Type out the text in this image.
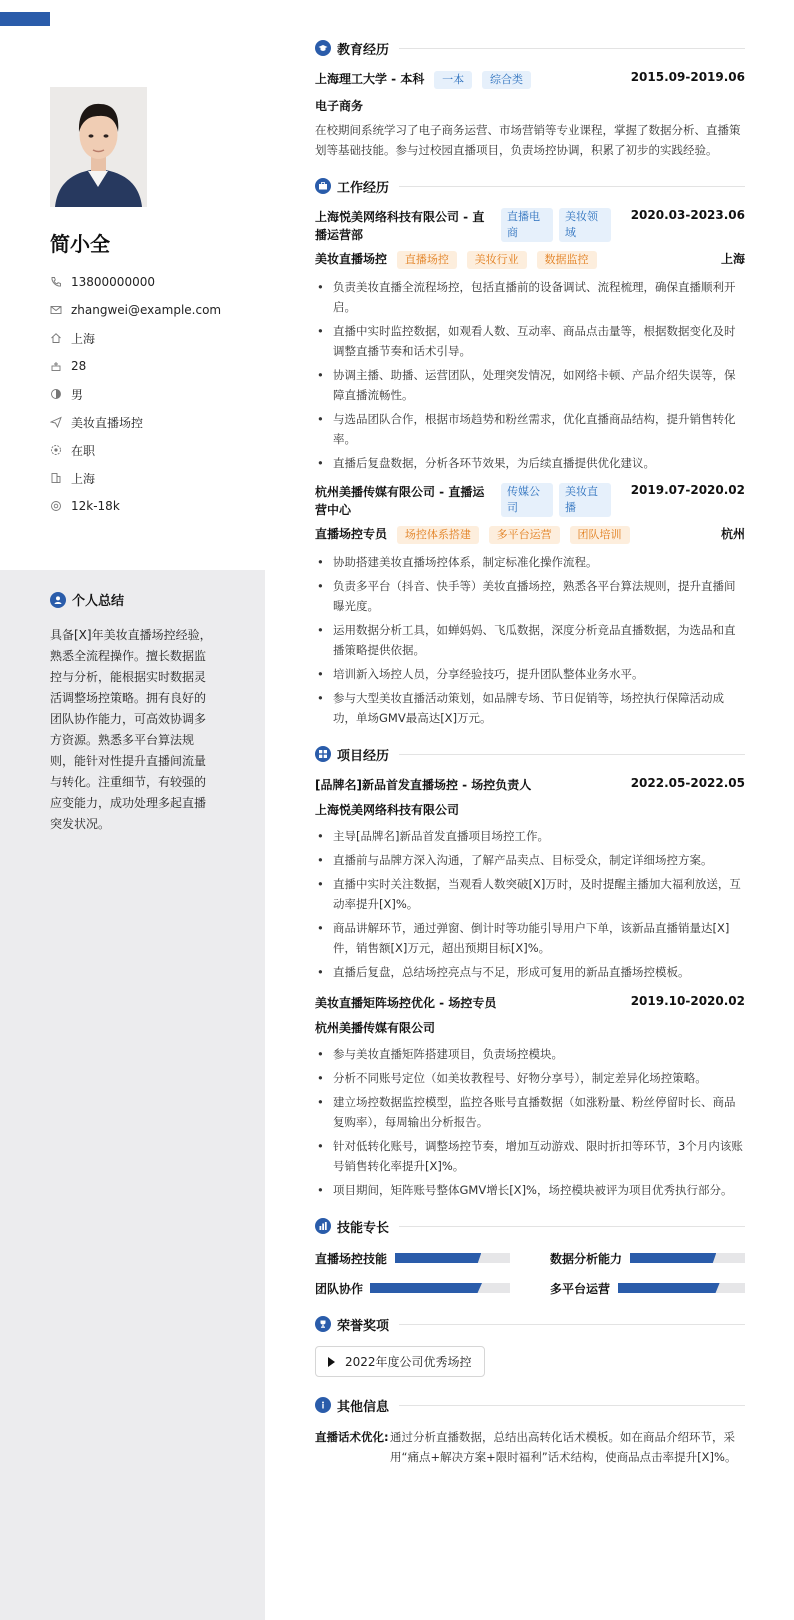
简小全
13800000000
zhangwei@example.com
上海
28
男
美妆直播场控
在职
上海
12k-18k
个人总结
具备[X]年美妆直播场控经验，熟悉全流程操作。擅长数据监控与分析，能根据实时数据灵活调整场控策略。拥有良好的团队协作能力，可高效协调多方资源。熟悉多平台算法规则，能针对性提升直播间流量与转化。注重细节，有较强的应变能力，成功处理多起直播突发状况。
教育经历
上海理工大学 - 本科 一本 综合类	2015.09-2019.06
电子商务
在校期间系统学习了电子商务运营、市场营销等专业课程，掌握了数据分析、直播策划等基础技能。参与过校园直播项目，负责场控协调，积累了初步的实践经验。
工作经历
上海悦美网络科技有限公司 - 直播运营部
直播电商
美妆领域
2020.03-2023.06
美妆直播场控 直播场控 美妆行业 数据监控	上海
• 负责美妆直播全流程场控，包括直播前的设备调试、流程梳理，确保直播顺利开启。
• 直播中实时监控数据，如观看人数、互动率、商品点击量等，根据数据变化及时调整直播节奏和话术引导。
• 协调主播、助播、运营团队，处理突发情况，如网络卡顿、产品介绍失误等，保障直播流畅性。
• 与选品团队合作，根据市场趋势和粉丝需求，优化直播商品结构，提升销售转化率。
• 直播后复盘数据，分析各环节效果，为后续直播提供优化建议。
杭州美播传媒有限公司 - 直播运营中心
传媒公司
美妆直播
2019.07-2020.02
直播场控专员 场控体系搭建 多平台运营 团队培训	杭州
• 协助搭建美妆直播场控体系，制定标准化操作流程。
• 负责多平台（抖音、快手等）美妆直播场控，熟悉各平台算法规则，提升直播间曝光度。
• 运用数据分析工具，如蝉妈妈、飞瓜数据，深度分析竞品直播数据，为选品和直播策略提供依据。
• 培训新入场控人员，分享经验技巧，提升团队整体业务水平。
• 参与大型美妆直播活动策划，如品牌专场、节日促销等，场控执行保障活动成功，单场GMV最高达[X]万元。
项目经历
[品牌名]新品首发直播场控 - 场控负责人	2022.05-2022.05
上海悦美网络科技有限公司
• 主导[品牌名]新品首发直播项目场控工作。
• 直播前与品牌方深入沟通，了解产品卖点、目标受众，制定详细场控方案。
• 直播中实时关注数据，当观看人数突破[X]万时，及时提醒主播加大福利放送，互动率提升[X]%。
• 商品讲解环节，通过弹窗、倒计时等功能引导用户下单，该新品直播销量达[X]件，销售额[X]万元，超出预期目标[X]%。
• 直播后复盘，总结场控亮点与不足，形成可复用的新品直播场控模板。
美妆直播矩阵场控优化 - 场控专员	2019.10-2020.02
杭州美播传媒有限公司
• 参与美妆直播矩阵搭建项目，负责场控模块。
• 分析不同账号定位（如美妆教程号、好物分享号），制定差异化场控策略。
• 建立场控数据监控模型，监控各账号直播数据（如涨粉量、粉丝停留时长、商品复购率），每周输出分析报告。
• 针对低转化账号，调整场控节奏，增加互动游戏、限时折扣等环节，3个月内该账号销售转化率提升[X]%。
• 项目期间，矩阵账号整体GMV增长[X]%，场控模块被评为项目优秀执行部分。
技能专长
直播场控技能	数据分析能力
团队协作	多平台运营
荣誉奖项
2022年度公司优秀场控
其他信息
直播话术优化: 通过分析直播数据，总结出高转化话术模板。如在商品介绍环节，采用“痛点+解决方案+限时福利”话术结构，使商品点击率提升[X]%。
